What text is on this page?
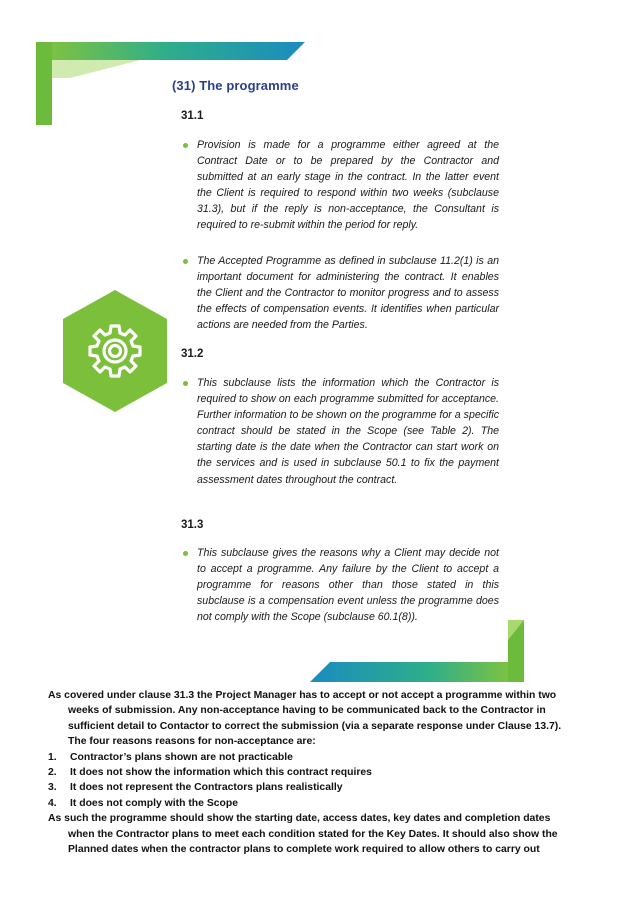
(31) The programme
31.1
Provision is made for a programme either agreed at the Contract Date or to be prepared by the Contractor and submitted at an early stage in the contract. In the latter event the Client is required to respond within two weeks (subclause 31.3), but if the reply is non-acceptance, the Consultant is required to re-submit within the period for reply.
The Accepted Programme as defined in subclause 11.2(1) is an important document for administering the contract. It enables the Client and the Contractor to monitor progress and to assess the effects of compensation events. It identifies when particular actions are needed from the Parties.
31.2
This subclause lists the information which the Contractor is required to show on each programme submitted for acceptance. Further information to be shown on the programme for a specific contract should be stated in the Scope (see Table 2). The starting date is the date when the Contractor can start work on the services and is used in subclause 50.1 to fix the payment assessment dates throughout the contract.
31.3
This subclause gives the reasons why a Client may decide not to accept a programme. Any failure by the Client to accept a programme for reasons other than those stated in this subclause is a compensation event unless the programme does not comply with the Scope (subclause 60.1(8)).
As covered under clause 31.3 the Project Manager has to accept or not accept a programme within two
weeks of submission. Any non-acceptance having to be communicated back to the Contractor in
sufficient detail to Contactor to correct the submission (via a separate response under Clause 13.7).
The four reasons reasons for non-acceptance are:
1. Contractor’s plans shown are not practicable
2. It does not show the information which this contract requires
3. It does not represent the Contractors plans realistically
4. It does not comply with the Scope
As such the programme should show the starting date, access dates, key dates and completion dates
when the Contractor plans to meet each condition stated for the Key Dates. It should also show the
Planned dates when the contractor plans to complete work required to allow others to carry out
